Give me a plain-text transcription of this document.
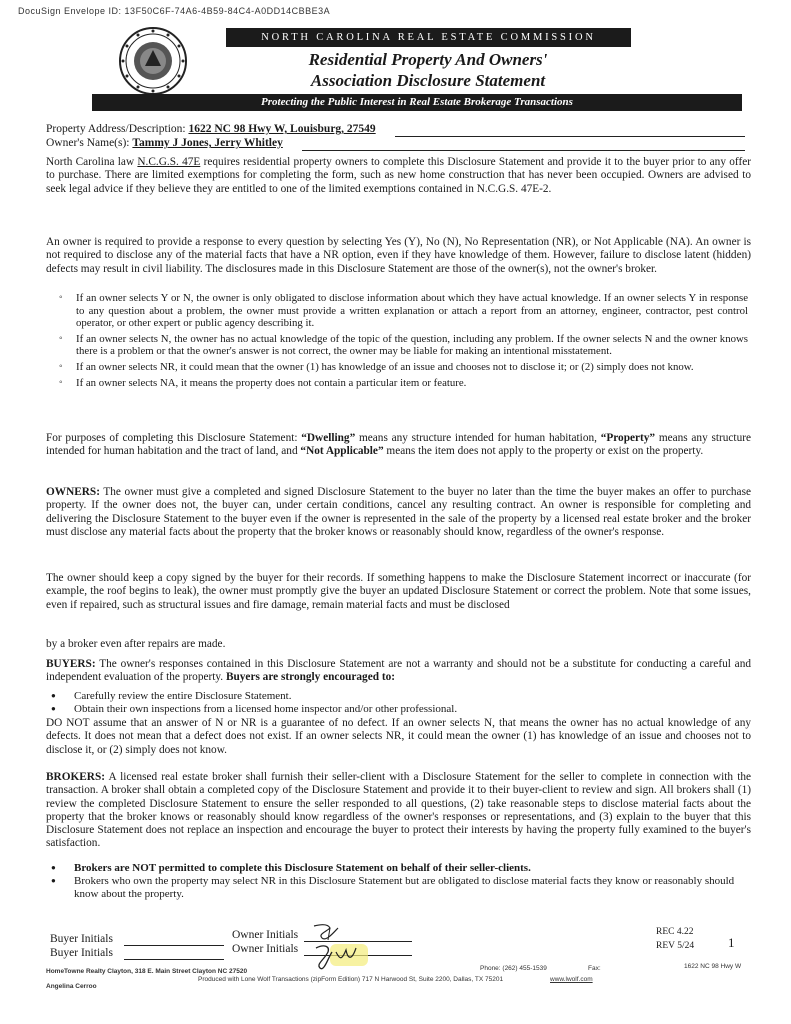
DocuSign Envelope ID: 13F50C6F-74A6-4B59-84C4-A0DD14CBBE3A
NORTH CAROLINA REAL ESTATE COMMISSION
Residential Property And Owners'
Association Disclosure Statement
Protecting the Public Interest in Real Estate Brokerage Transactions
Property Address/Description: 1622 NC 98 Hwy W, Louisburg, 27549
Owner's Name(s): Tammy J Jones, Jerry Whitley

North Carolina law N.C.G.S. 47E requires residential property owners to complete this Disclosure Statement and provide it to the buyer prior to any offer to purchase. There are limited exemptions for completing the form, such as new home construction that has never been occupied. Owners are advised to seek legal advice if they believe they are entitled to one of the limited exemptions contained in N.C.G.S. 47E-2.

An owner is required to provide a response to every question by selecting Yes (Y), No (N), No Representation (NR), or Not Applicable (NA). An owner is not required to disclose any of the material facts that have a NR option, even if they have knowledge of them. However, failure to disclose latent (hidden) defects may result in civil liability. The disclosures made in this Disclosure Statement are those of the owner(s), not the owner's broker.

◦ If an owner selects Y or N, the owner is only obligated to disclose information about which they have actual knowledge. If an owner selects Y in response to any question about a problem, the owner must provide a written explanation or attach a report from an attorney, engineer, contractor, pest control operator, or other expert or public agency describing it.
◦ If an owner selects N, the owner has no actual knowledge of the topic of the question, including any problem. If the owner selects N and the owner knows there is a problem or that the owner's answer is not correct, the owner may be liable for making an intentional misstatement.
◦ If an owner selects NR, it could mean that the owner (1) has knowledge of an issue and chooses not to disclose it; or (2) simply does not know.
◦ If an owner selects NA, it means the property does not contain a particular item or feature.

For purposes of completing this Disclosure Statement: “Dwelling” means any structure intended for human habitation, “Property” means any structure intended for human habitation and the tract of land, and “Not Applicable” means the item does not apply to the property or exist on the property.

OWNERS: The owner must give a completed and signed Disclosure Statement to the buyer no later than the time the buyer makes an offer to purchase property. If the owner does not, the buyer can, under certain conditions, cancel any resulting contract. An owner is responsible for completing and delivering the Disclosure Statement to the buyer even if the owner is represented in the sale of the property by a licensed real estate broker and the broker must disclose any material facts about the property that the broker knows or reasonably should know, regardless of the owner's response.

The owner should keep a copy signed by the buyer for their records. If something happens to make the Disclosure Statement incorrect or inaccurate (for example, the roof begins to leak), the owner must promptly give the buyer an updated Disclosure Statement or correct the problem. Note that some issues, even if repaired, such as structural issues and fire damage, remain material facts and must be disclosed

by a broker even after repairs are made.

BUYERS: The owner's responses contained in this Disclosure Statement are not a warranty and should not be a substitute for conducting a careful and independent evaluation of the property. Buyers are strongly encouraged to:

● Carefully review the entire Disclosure Statement.
● Obtain their own inspections from a licensed home inspector and/or other professional.

DO NOT assume that an answer of N or NR is a guarantee of no defect. If an owner selects N, that means the owner has no actual knowledge of any defects. It does not mean that a defect does not exist. If an owner selects NR, it could mean the owner (1) has knowledge of an issue and chooses not to disclose it, or (2) simply does not know.

BROKERS: A licensed real estate broker shall furnish their seller-client with a Disclosure Statement for the seller to complete in connection with the transaction. A broker shall obtain a completed copy of the Disclosure Statement and provide it to their buyer-client to review and sign. All brokers shall (1) review the completed Disclosure Statement to ensure the seller responded to all questions, (2) take reasonable steps to disclose material facts about the property that the broker knows or reasonably should know regardless of the owner's responses or representations, and (3) explain to the buyer that this Disclosure Statement does not replace an inspection and encourage the buyer to protect their interests by having the property fully examined to the buyer's satisfaction.

● Brokers are NOT permitted to complete this Disclosure Statement on behalf of their seller-clients.
● Brokers who own the property may select NR in this Disclosure Statement but are obligated to disclose material facts they know or reasonably should know about the property.
Buyer Initials
Buyer Initials
Owner Initials
Owner Initials
REC 4.22
REV 5/24	1
HomeTowne Realty Clayton, 318 E. Main Street Clayton NC 27520	Phone: (262) 455-1539	Fax:	1622 NC 98 Hwy W
Angelina Cerroo
Produced with Lone Wolf Transactions (zipForm Edition) 717 N Harwood St, Suite 2200, Dallas, TX 75201	www.lwolf.com
